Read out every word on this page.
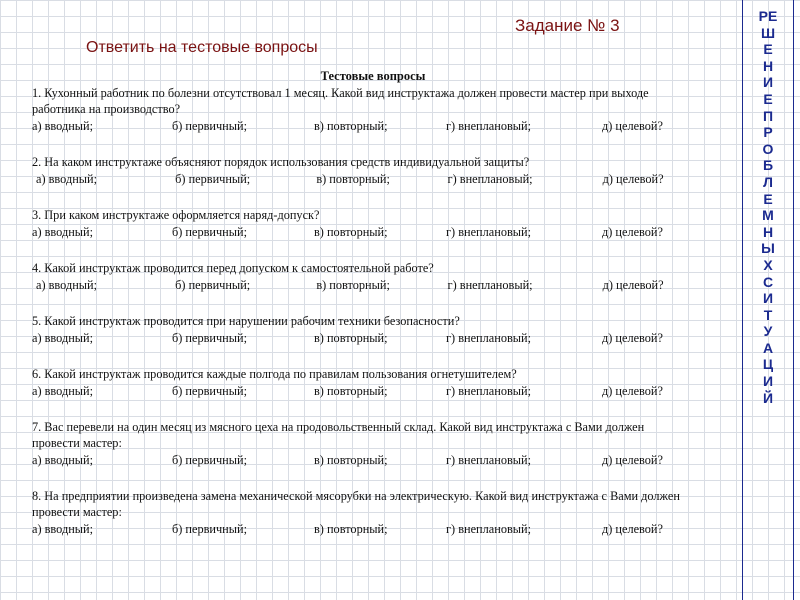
Задание № 3
Ответить на тестовые вопросы
РЕ
Ш
Е
Н
И
Е
П
Р
О
Б
Л
Е
М
Н
Ы
Х
С
И
Т
У
А
Ц
И
Й
Тестовые вопросы
1. Кухонный работник по болезни отсутствовал 1 месяц. Какой вид инструктажа должен провести мастер при выходе работника на производство?
а) вводный;	б) первичный;	в) повторный;	г) внеплановый;	д) целевой?
2. На каком инструктаже объясняют порядок использования средств индивидуальной защиты?
а) вводный;	б) первичный;	в) повторный;	г) внеплановый;	д) целевой?
3. При каком инструктаже оформляется наряд-допуск?
а) вводный;	б) первичный;	в) повторный;	г) внеплановый;	д) целевой?
4. Какой инструктаж проводится перед допуском к самостоятельной работе?
а) вводный;	б) первичный;	в) повторный;	г) внеплановый;	д) целевой?
5. Какой инструктаж проводится при нарушении рабочим техники безопасности?
а) вводный;	б) первичный;	в) повторный;	г) внеплановый;	д) целевой?
6. Какой инструктаж проводится каждые полгода по правилам пользования огнетушителем?
а) вводный;	б) первичный;	в) повторный;	г) внеплановый;	д) целевой?
7. Вас перевели на один месяц из мясного цеха на продовольственный склад. Какой вид инструктажа с Вами должен провести мастер:
а) вводный;	б) первичный;	в) повторный;	г) внеплановый;	д) целевой?
8. На предприятии произведена замена механической мясорубки на электрическую. Какой вид инструктажа с Вами должен провести мастер:
а) вводный;	б) первичный;	в) повторный;	г) внеплановый;	д) целевой?
